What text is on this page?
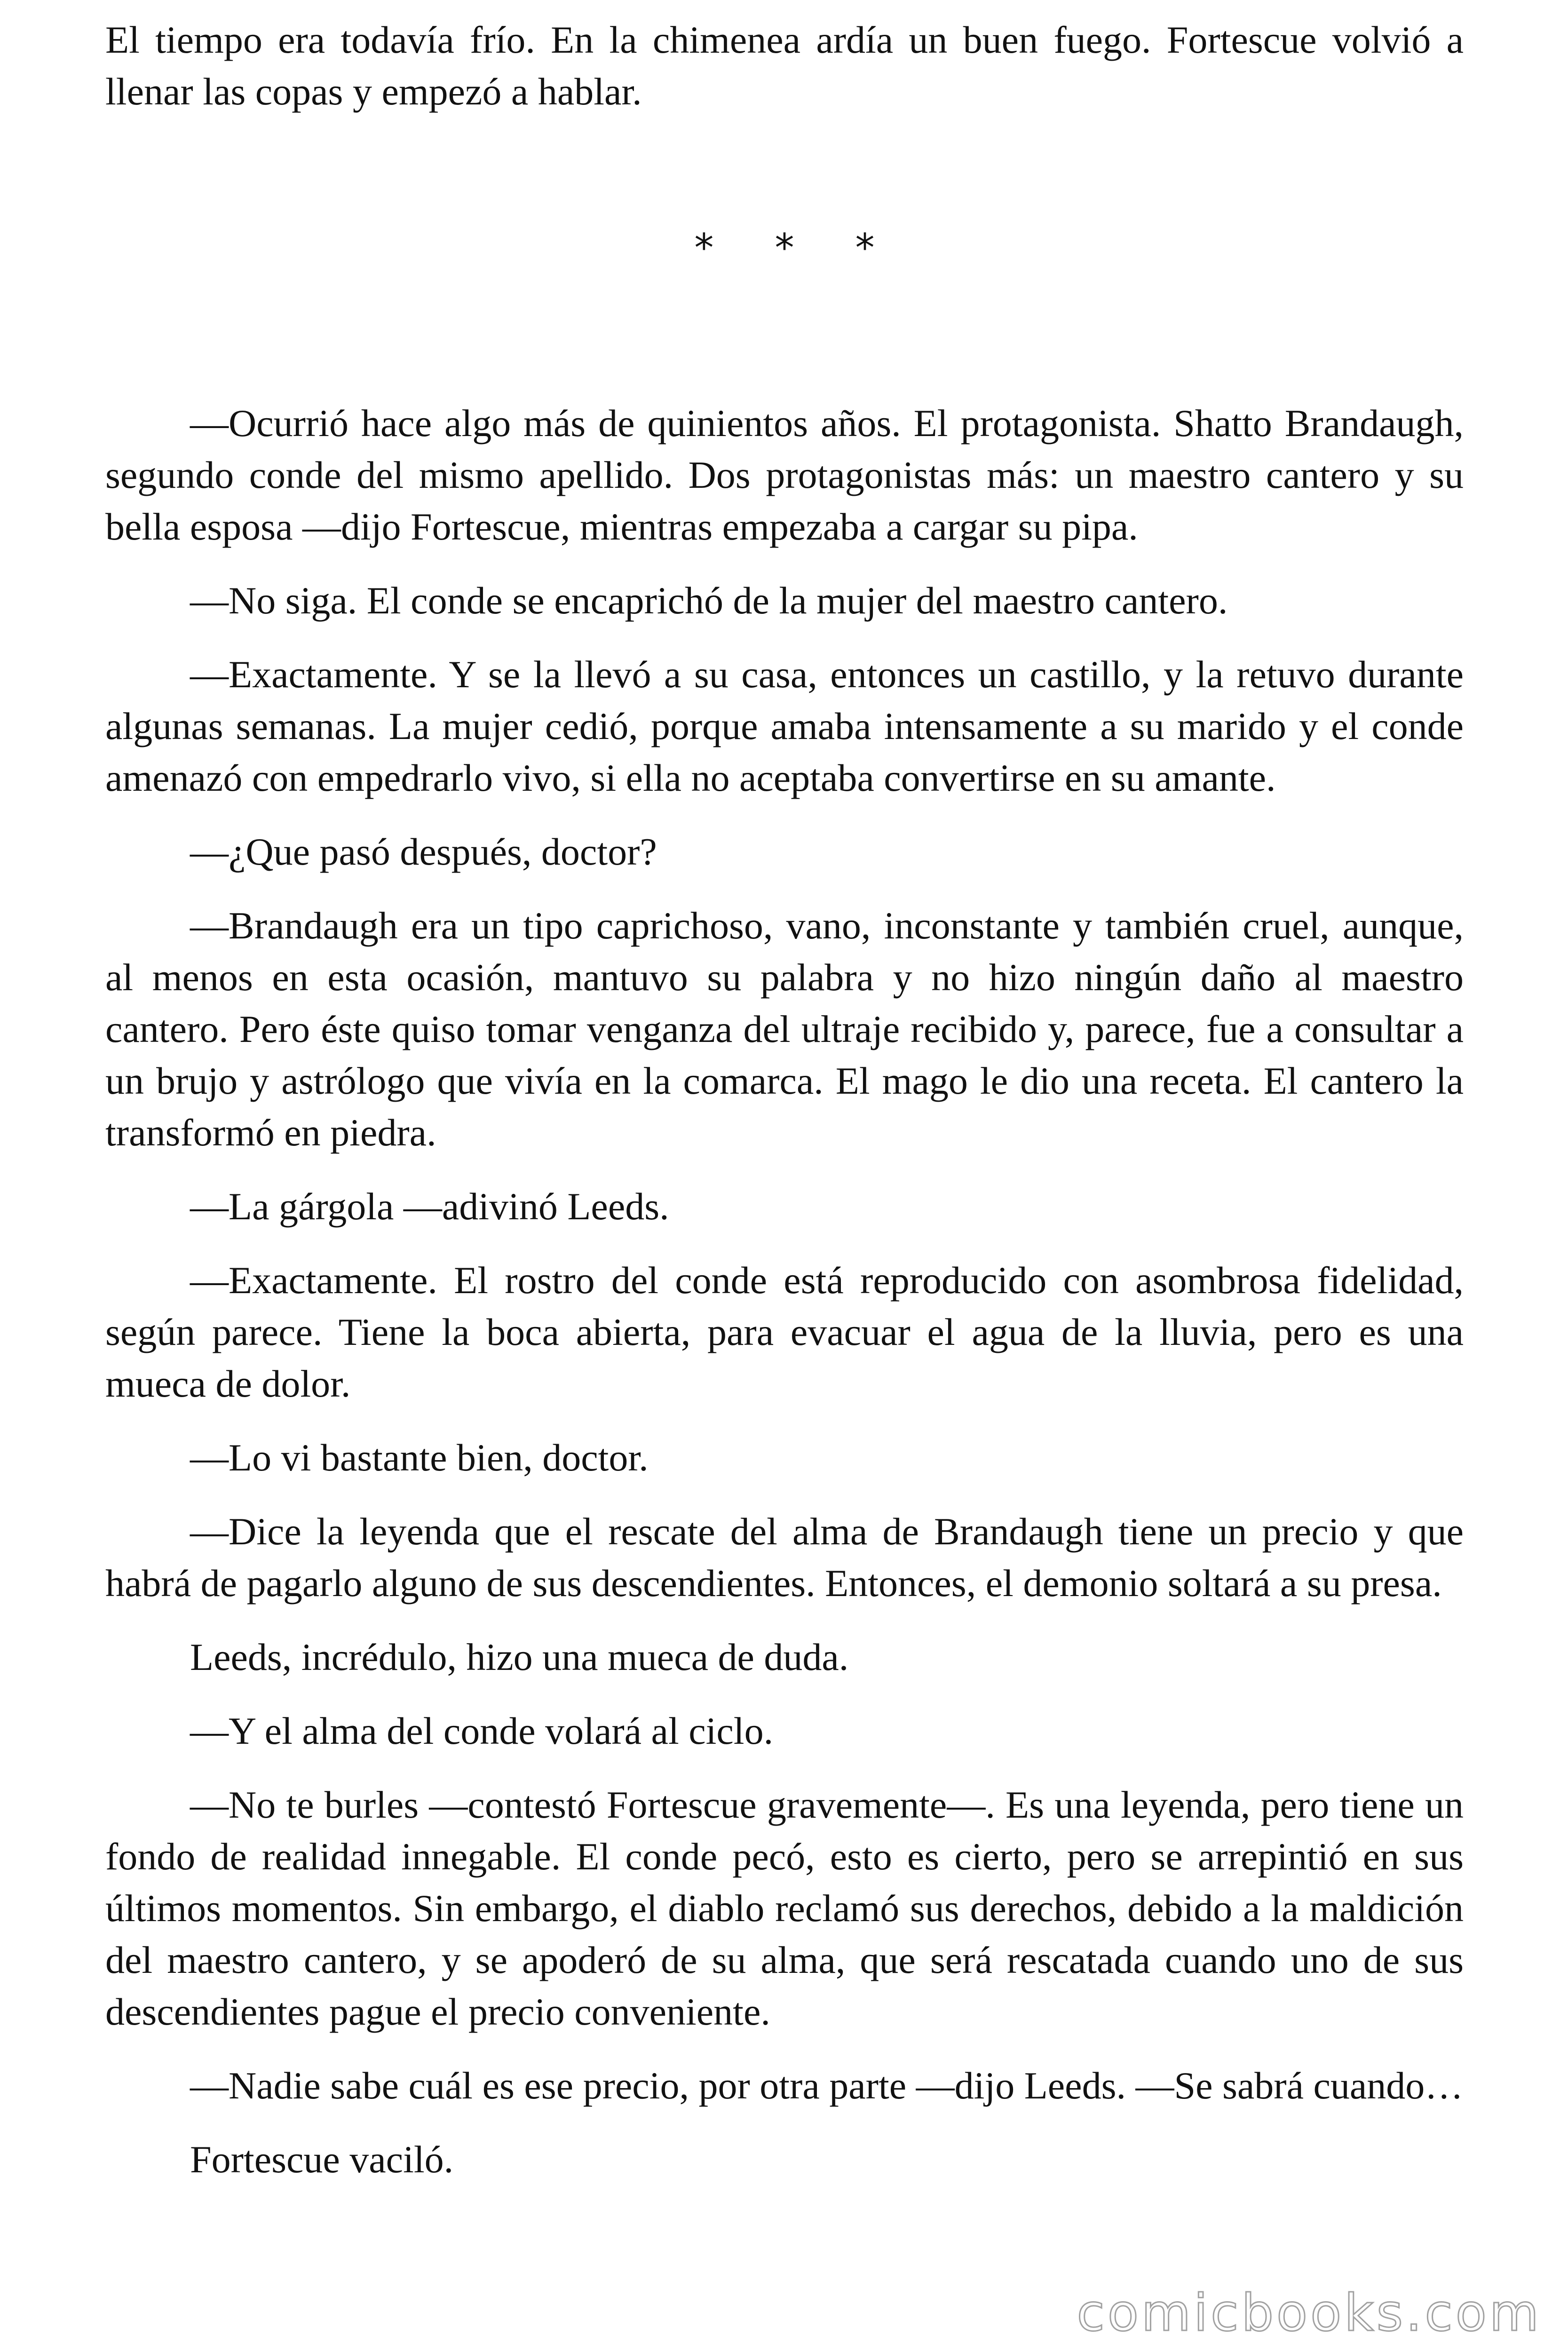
El tiempo era todavía frío. En la chimenea ardía un buen fuego. Fortescue volvió a llenar las copas y empezó a hablar.

* * *

—Ocurrió hace algo más de quinientos años. El protagonista. Shatto Brandaugh, segundo conde del mismo apellido. Dos protagonistas más: un maestro cantero y su bella esposa —dijo Fortescue, mientras empezaba a cargar su pipa.

—No siga. El conde se encaprichó de la mujer del maestro cantero.

—Exactamente. Y se la llevó a su casa, entonces un castillo, y la retuvo durante algunas semanas. La mujer cedió, porque amaba intensamente a su marido y el conde amenazó con empedrarlo vivo, si ella no aceptaba convertirse en su amante.

—¿Que pasó después, doctor?

—Brandaugh era un tipo caprichoso, vano, inconstante y también cruel, aunque, al menos en esta ocasión, mantuvo su palabra y no hizo ningún daño al maestro cantero. Pero éste quiso tomar venganza del ultraje recibido y, parece, fue a consultar a un brujo y astrólogo que vivía en la comarca. El mago le dio una receta. El cantero la transformó en piedra.

—La gárgola —adivinó Leeds.

—Exactamente. El rostro del conde está reproducido con asombrosa fidelidad, según parece. Tiene la boca abierta, para evacuar el agua de la lluvia, pero es una mueca de dolor.

—Lo vi bastante bien, doctor.

—Dice la leyenda que el rescate del alma de Brandaugh tiene un precio y que habrá de pagarlo alguno de sus descendientes. Entonces, el demonio soltará a su presa.

Leeds, incrédulo, hizo una mueca de duda.

—Y el alma del conde volará al ciclo.

—No te burles —contestó Fortescue gravemente—. Es una leyenda, pero tiene un fondo de realidad innegable. El conde pecó, esto es cierto, pero se arrepintió en sus últimos momentos. Sin embargo, el diablo reclamó sus derechos, debido a la maldición del maestro cantero, y se apoderó de su alma, que será rescatada cuando uno de sus descendientes pague el precio conveniente.

—Nadie sabe cuál es ese precio, por otra parte —dijo Leeds. —Se sabrá cuando…

Fortescue vaciló.

comicbooks.com
